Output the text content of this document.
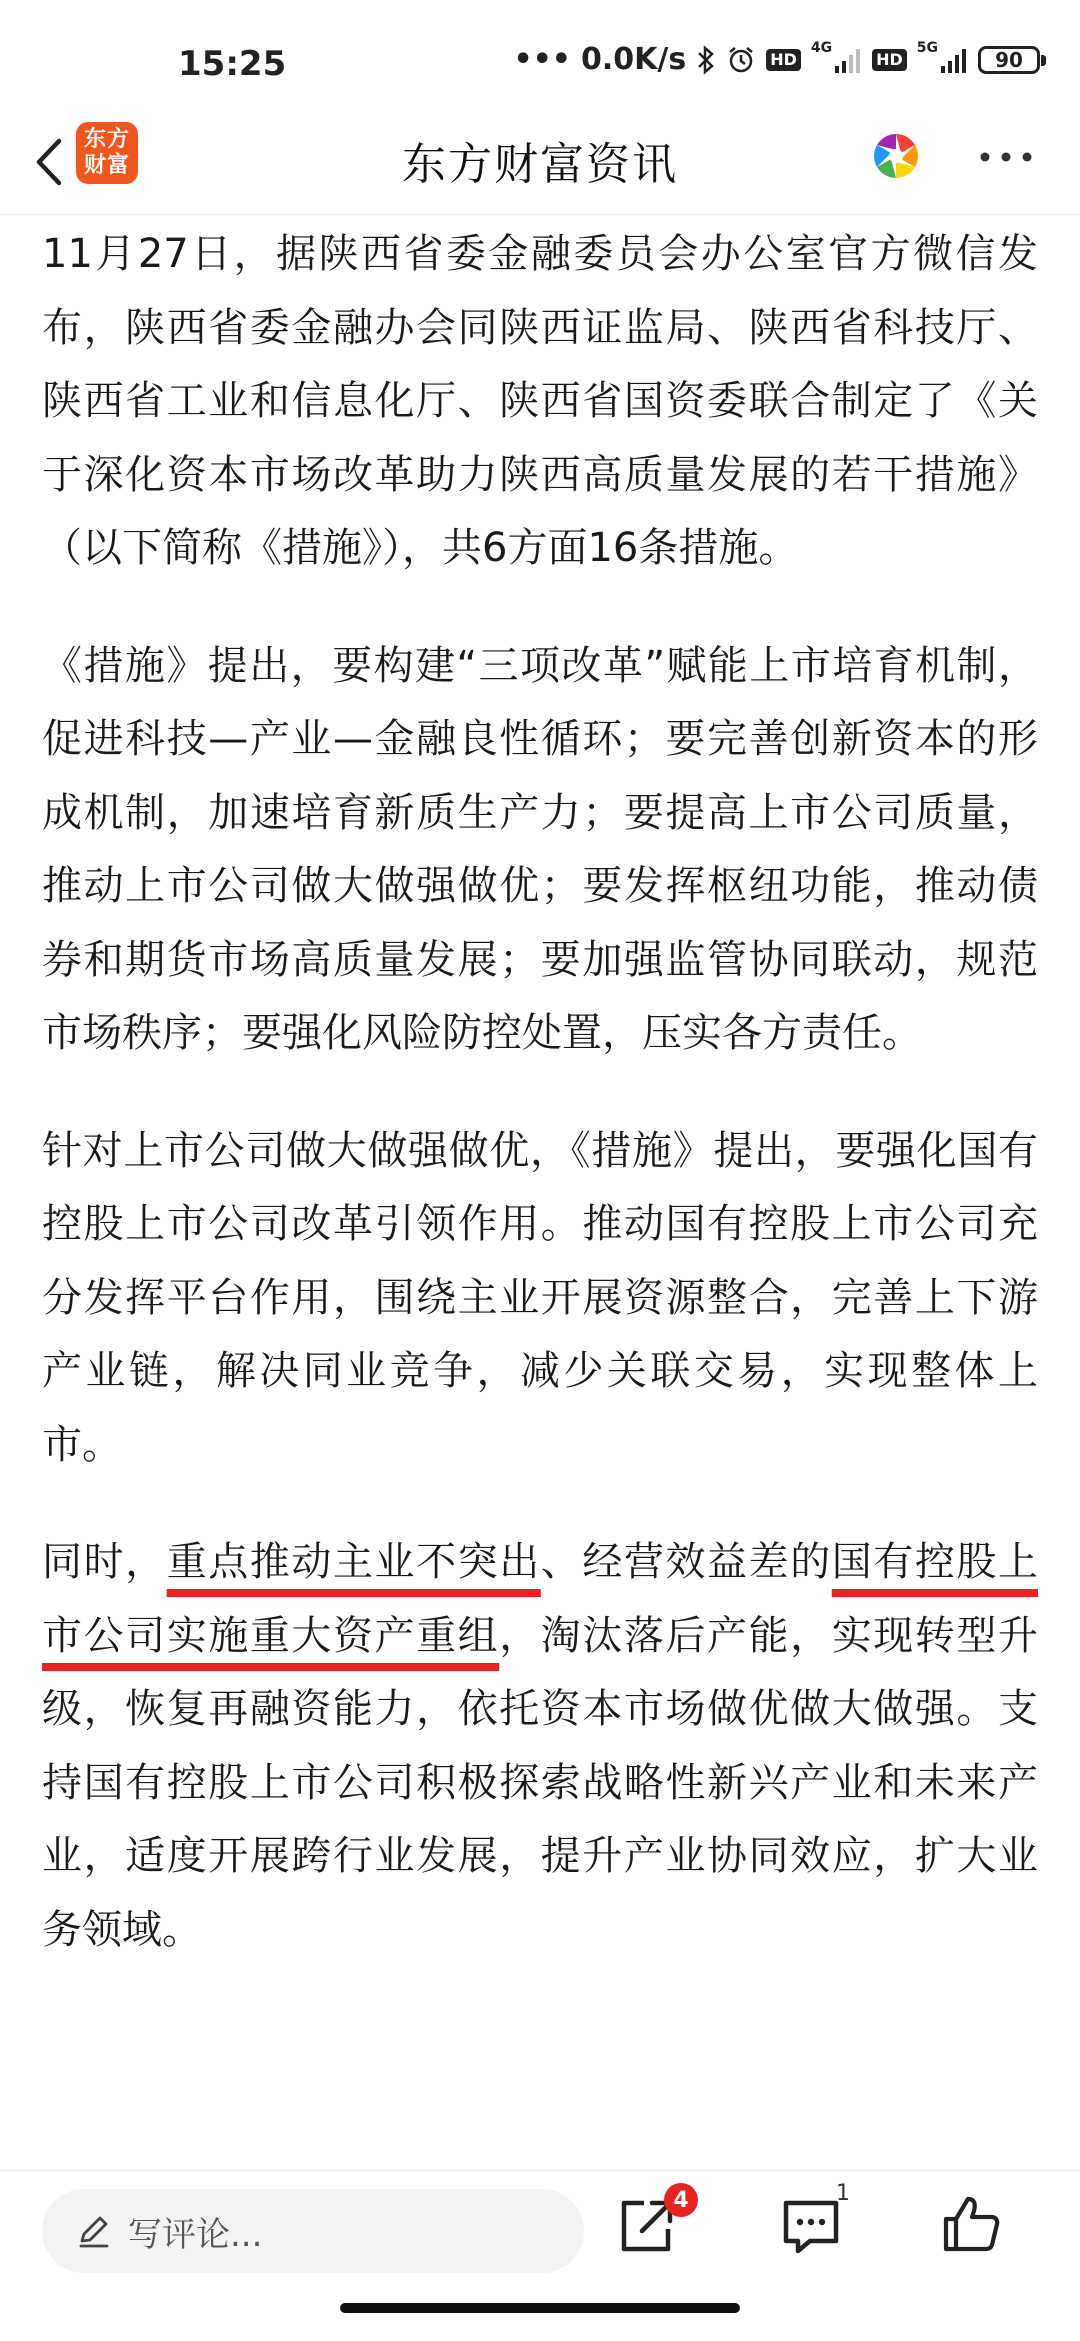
15:25	••• 0.0K/s	HD
4G
HD
5G	90
东方
财富	东方财富资讯

11月27日，据陕西省委金融委员会办公室官方微信发布，陕西省委金融办会同陕西证监局、陕西省科技厅、陕西省工业和信息化厅、陕西省国资委联合制定了《关于深化资本市场改革助力陕西高质量发展的若干措施》（以下简称《措施》），共6方面16条措施。

《措施》提出，要构建“三项改革”赋能上市培育机制，促进科技—产业—金融良性循环；要完善创新资本的形成机制，加速培育新质生产力；要提高上市公司质量，推动上市公司做大做强做优；要发挥枢纽功能，推动债券和期货市场高质量发展；要加强监管协同联动，规范市场秩序；要强化风险防控处置，压实各方责任。

针对上市公司做大做强做优，《措施》提出，要强化国有控股上市公司改革引领作用。推动国有控股上市公司充分发挥平台作用，围绕主业开展资源整合，完善上下游产业链，解决同业竞争，减少关联交易，实现整体上市。

同时，重点推动主业不突出、经营效益差的国有控股上市公司实施重大资产重组，淘汰落后产能，实现转型升级，恢复再融资能力，依托资本市场做优做大做强。支持国有控股上市公司积极探索战略性新兴产业和未来产业，适度开展跨行业发展，提升产业协同效应，扩大业务领域。

写评论...
4	1
